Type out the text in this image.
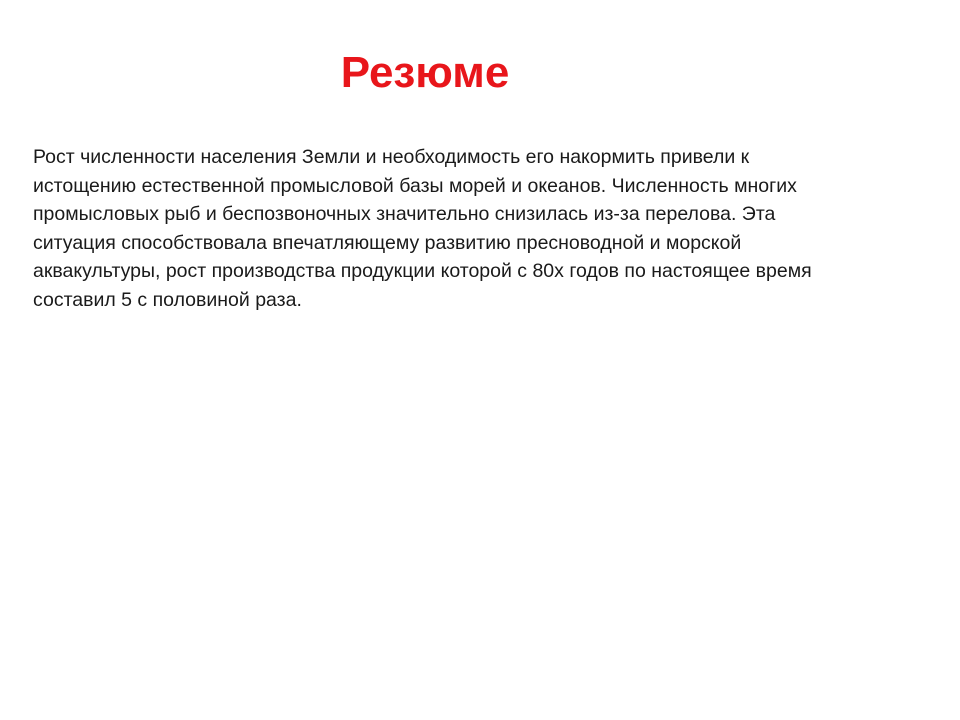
Резюме

Рост численности населения Земли и необходимость его накормить привели к
истощению естественной промысловой базы морей и океанов. Численность многих
промысловых рыб и беспозвоночных значительно снизилась из-за перелова. Эта
ситуация способствовала впечатляющему развитию пресноводной и морской
аквакультуры, рост производства продукции которой с 80х годов по настоящее время
составил 5 с половиной раза.
